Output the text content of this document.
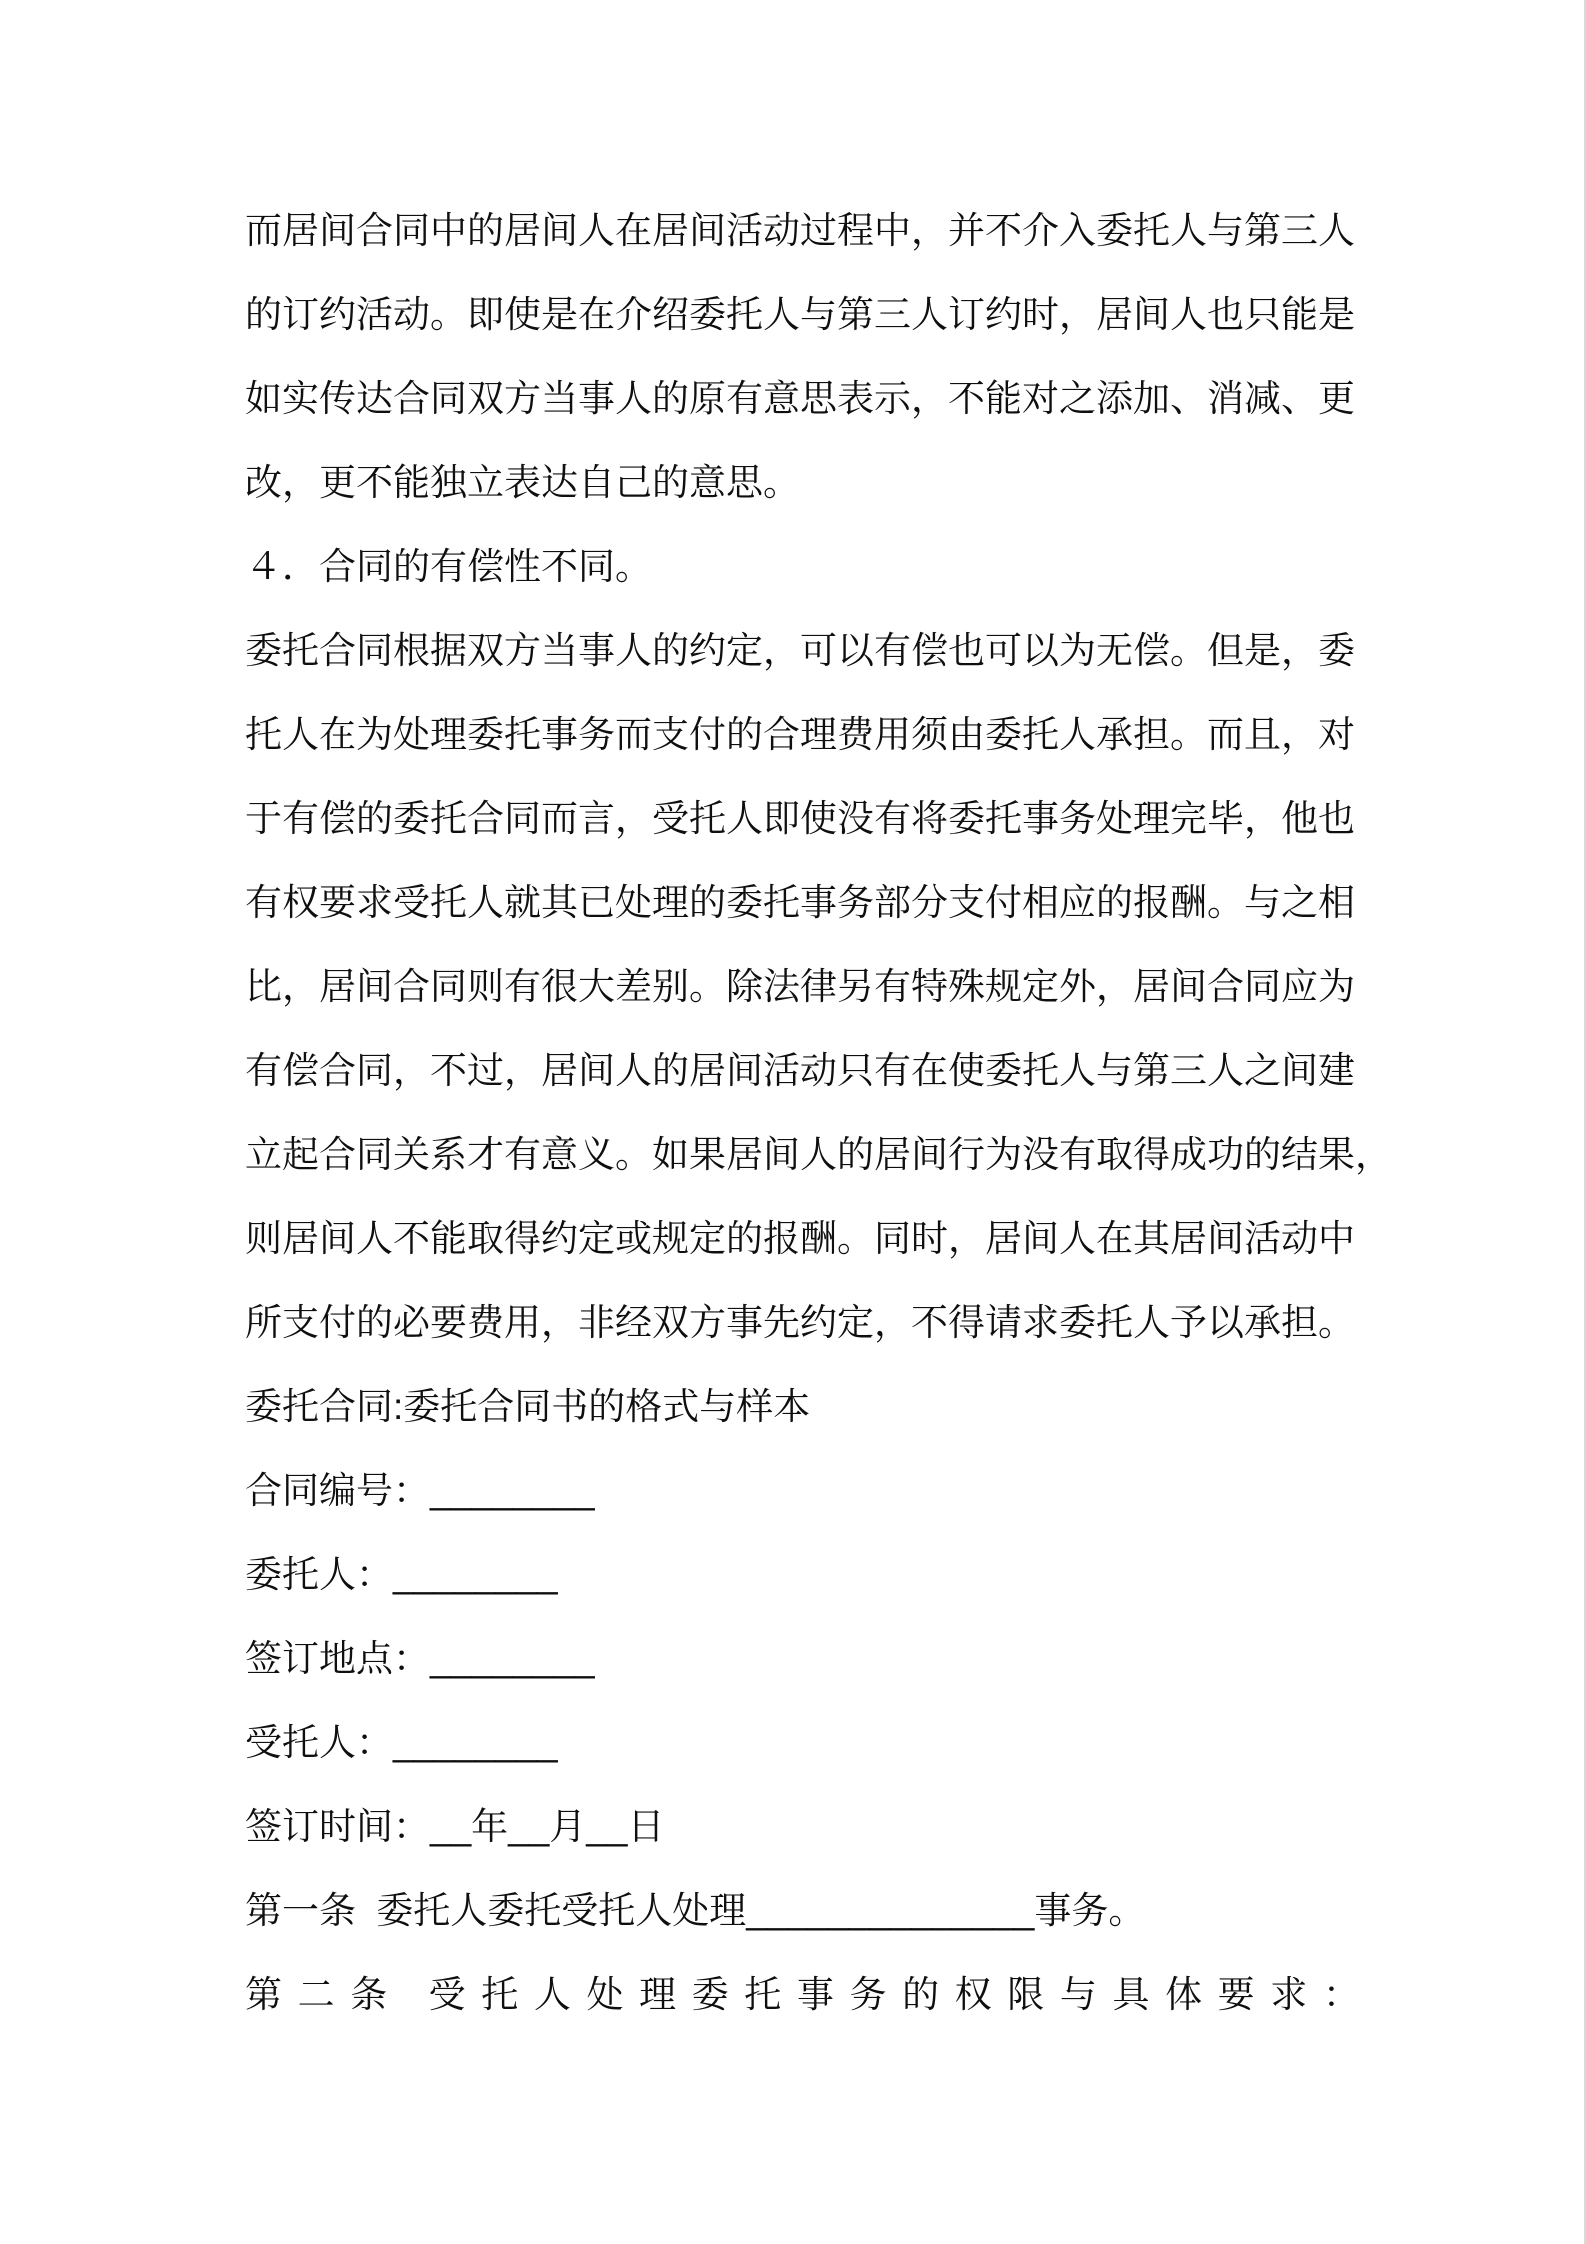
而居间合同中的居间人在居间活动过程中，并不介入委托人与第三人
的订约活动。即使是在介绍委托人与第三人订约时，居间人也只能是
如实传达合同双方当事人的原有意思表示，不能对之添加、消减、更
改，更不能独立表达自己的意思。
４．合同的有偿性不同。
委托合同根据双方当事人的约定，可以有偿也可以为无偿。但是，委
托人在为处理委托事务而支付的合理费用须由委托人承担。而且，对
于有偿的委托合同而言，受托人即使没有将委托事务处理完毕，他也
有权要求受托人就其已处理的委托事务部分支付相应的报酬。与之相
比，居间合同则有很大差别。除法律另有特殊规定外，居间合同应为
有偿合同，不过，居间人的居间活动只有在使委托人与第三人之间建
立起合同关系才有意义。如果居间人的居间行为没有取得成功的结果，
则居间人不能取得约定或规定的报酬。同时，居间人在其居间活动中
所支付的必要费用，非经双方事先约定，不得请求委托人予以承担。
委托合同:委托合同书的格式与样本
合同编号：________
委托人：________
签订地点：________
受托人：________
签订时间：__年__月__日
第一条 委托人委托受托人处理______________事务。
第二条 受托人处理委托事务的权限与具体要求：
